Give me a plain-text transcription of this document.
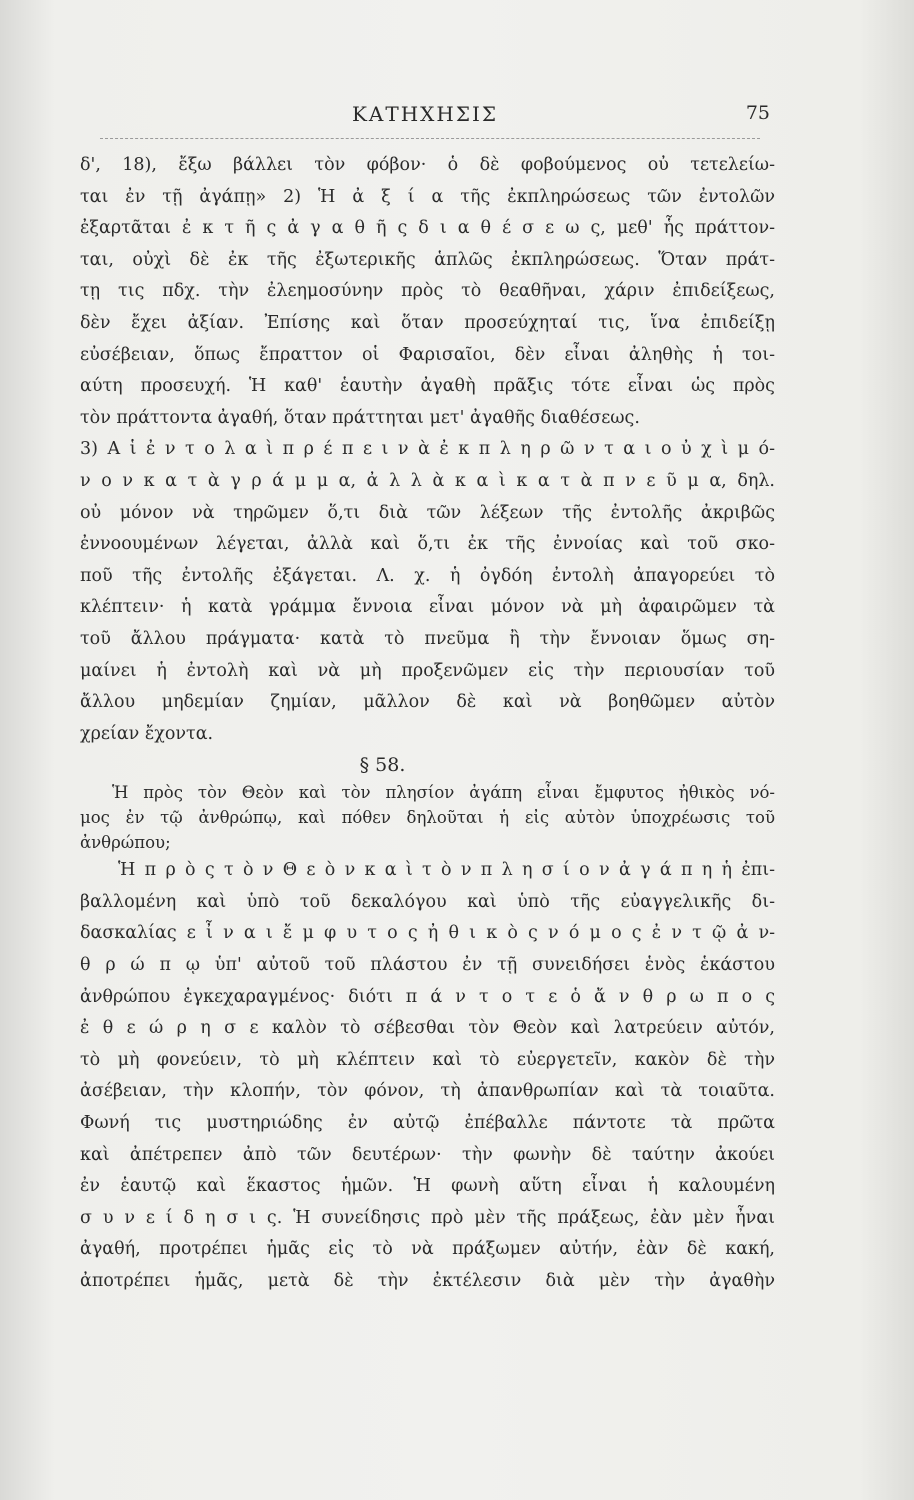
ΚΑΤΗΧΗΣΙΣ	75
δ', 18), ἔξω βάλλει τὸν φόβον· ὁ δὲ φοβούμενος οὐ τετελείω-
ται ἐν τῇ ἀγάπῃ» 2) Ἡ ἀ ξ ί α τῆς ἐκπληρώσεως τῶν ἐντολῶν
ἐξαρτᾶται ἐ κ τ ῆ ς ἀ γ α θ ῆ ς δ ι α θ έ σ ε ω ς, μεθ' ἧς πράττον-
ται, οὐχὶ δὲ ἐκ τῆς ἐξωτερικῆς ἁπλῶς ἐκπληρώσεως. Ὅταν πράτ-
τῃ τις πδχ. τὴν ἐλεημοσύνην πρὸς τὸ θεαθῆναι, χάριν ἐπιδείξεως,
δὲν ἔχει ἀξίαν. Ἐπίσης καὶ ὅταν προσεύχηταί τις, ἵνα ἐπιδείξῃ
εὐσέβειαν, ὅπως ἔπραττον οἱ Φαρισαῖοι, δὲν εἶναι ἀληθὴς ἡ τοι-
αύτη προσευχή. Ἡ καθ' ἑαυτὴν ἀγαθὴ πρᾶξις τότε εἶναι ὡς πρὸς
τὸν πράττοντα ἀγαθή, ὅταν πράττηται μετ' ἀγαθῆς διαθέσεως.
3) Α ἱ ἐ ν τ ο λ α ὶ π ρ έ π ε ι ν ὰ ἐ κ π λ η ρ ῶ ν τ α ι ο ὐ χ ὶ μ ό-
ν ο ν κ α τ ὰ γ ρ ά μ μ α, ἀ λ λ ὰ κ α ὶ κ α τ ὰ π ν ε ῦ μ α, δηλ.
οὐ μόνον νὰ τηρῶμεν ὅ,τι διὰ τῶν λέξεων τῆς ἐντολῆς ἀκριβῶς
ἐννοουμένων λέγεται, ἀλλὰ καὶ ὅ,τι ἐκ τῆς ἐννοίας καὶ τοῦ σκο-
ποῦ τῆς ἐντολῆς ἐξάγεται. Λ. χ. ἡ ὀγδόη ἐντολὴ ἀπαγορεύει τὸ
κλέπτειν· ἡ κατὰ γράμμα ἔννοια εἶναι μόνον νὰ μὴ ἀφαιρῶμεν τὰ
τοῦ ἄλλου πράγματα· κατὰ τὸ πνεῦμα ἢ τὴν ἔννοιαν ὅμως ση-
μαίνει ἡ ἐντολὴ καὶ νὰ μὴ προξενῶμεν εἰς τὴν περιουσίαν τοῦ
ἄλλου μηδεμίαν ζημίαν, μᾶλλον δὲ καὶ νὰ βοηθῶμεν αὐτὸν
χρείαν ἔχοντα.
§ 58.
Ἡ πρὸς τὸν Θεὸν καὶ τὸν πλησίον ἀγάπη εἶναι ἔμφυτος ἠθικὸς νό-
μος ἐν τῷ ἀνθρώπῳ, καὶ πόθεν δηλοῦται ἡ εἰς αὐτὸν ὑποχρέωσις τοῦ
ἀνθρώπου;
Ἡ π ρ ὸ ς τ ὸ ν Θ ε ὸ ν κ α ὶ τ ὸ ν π λ η σ ί ο ν ἀ γ ά π η ἡ ἐπι-
βαλλομένη καὶ ὑπὸ τοῦ δεκαλόγου καὶ ὑπὸ τῆς εὐαγγελικῆς δι-
δασκαλίας ε ἶ ν α ι ἔ μ φ υ τ ο ς ἠ θ ι κ ὸ ς ν ό μ ο ς ἐ ν τ ῷ ἀ ν-
θ ρ ώ π ῳ ὑπ' αὐτοῦ τοῦ πλάστου ἐν τῇ συνειδήσει ἑνὸς ἑκάστου
ἀνθρώπου ἐγκεχαραγμένος· διότι π ά ν τ ο τ ε ὁ ἄ ν θ ρ ω π ο ς
ἐ θ ε ώ ρ η σ ε καλὸν τὸ σέβεσθαι τὸν Θεὸν καὶ λατρεύειν αὐτόν,
τὸ μὴ φονεύειν, τὸ μὴ κλέπτειν καὶ τὸ εὐεργετεῖν, κακὸν δὲ τὴν
ἀσέβειαν, τὴν κλοπήν, τὸν φόνον, τὴ ἀπανθρωπίαν καὶ τὰ τοιαῦτα.
Φωνή τις μυστηριώδης ἐν αὐτῷ ἐπέβαλλε πάντοτε τὰ πρῶτα
καὶ ἀπέτρεπεν ἀπὸ τῶν δευτέρων· τὴν φωνὴν δὲ ταύτην ἀκούει
ἐν ἑαυτῷ καὶ ἕκαστος ἡμῶν. Ἡ φωνὴ αὕτη εἶναι ἡ καλουμένη
σ υ ν ε ί δ η σ ι ς. Ἡ συνείδησις πρὸ μὲν τῆς πράξεως, ἐὰν μὲν ἦναι
ἀγαθή, προτρέπει ἡμᾶς εἰς τὸ νὰ πράξωμεν αὐτήν, ἐὰν δὲ κακή,
ἀποτρέπει ἡμᾶς, μετὰ δὲ τὴν ἐκτέλεσιν διὰ μὲν τὴν ἀγαθὴν
